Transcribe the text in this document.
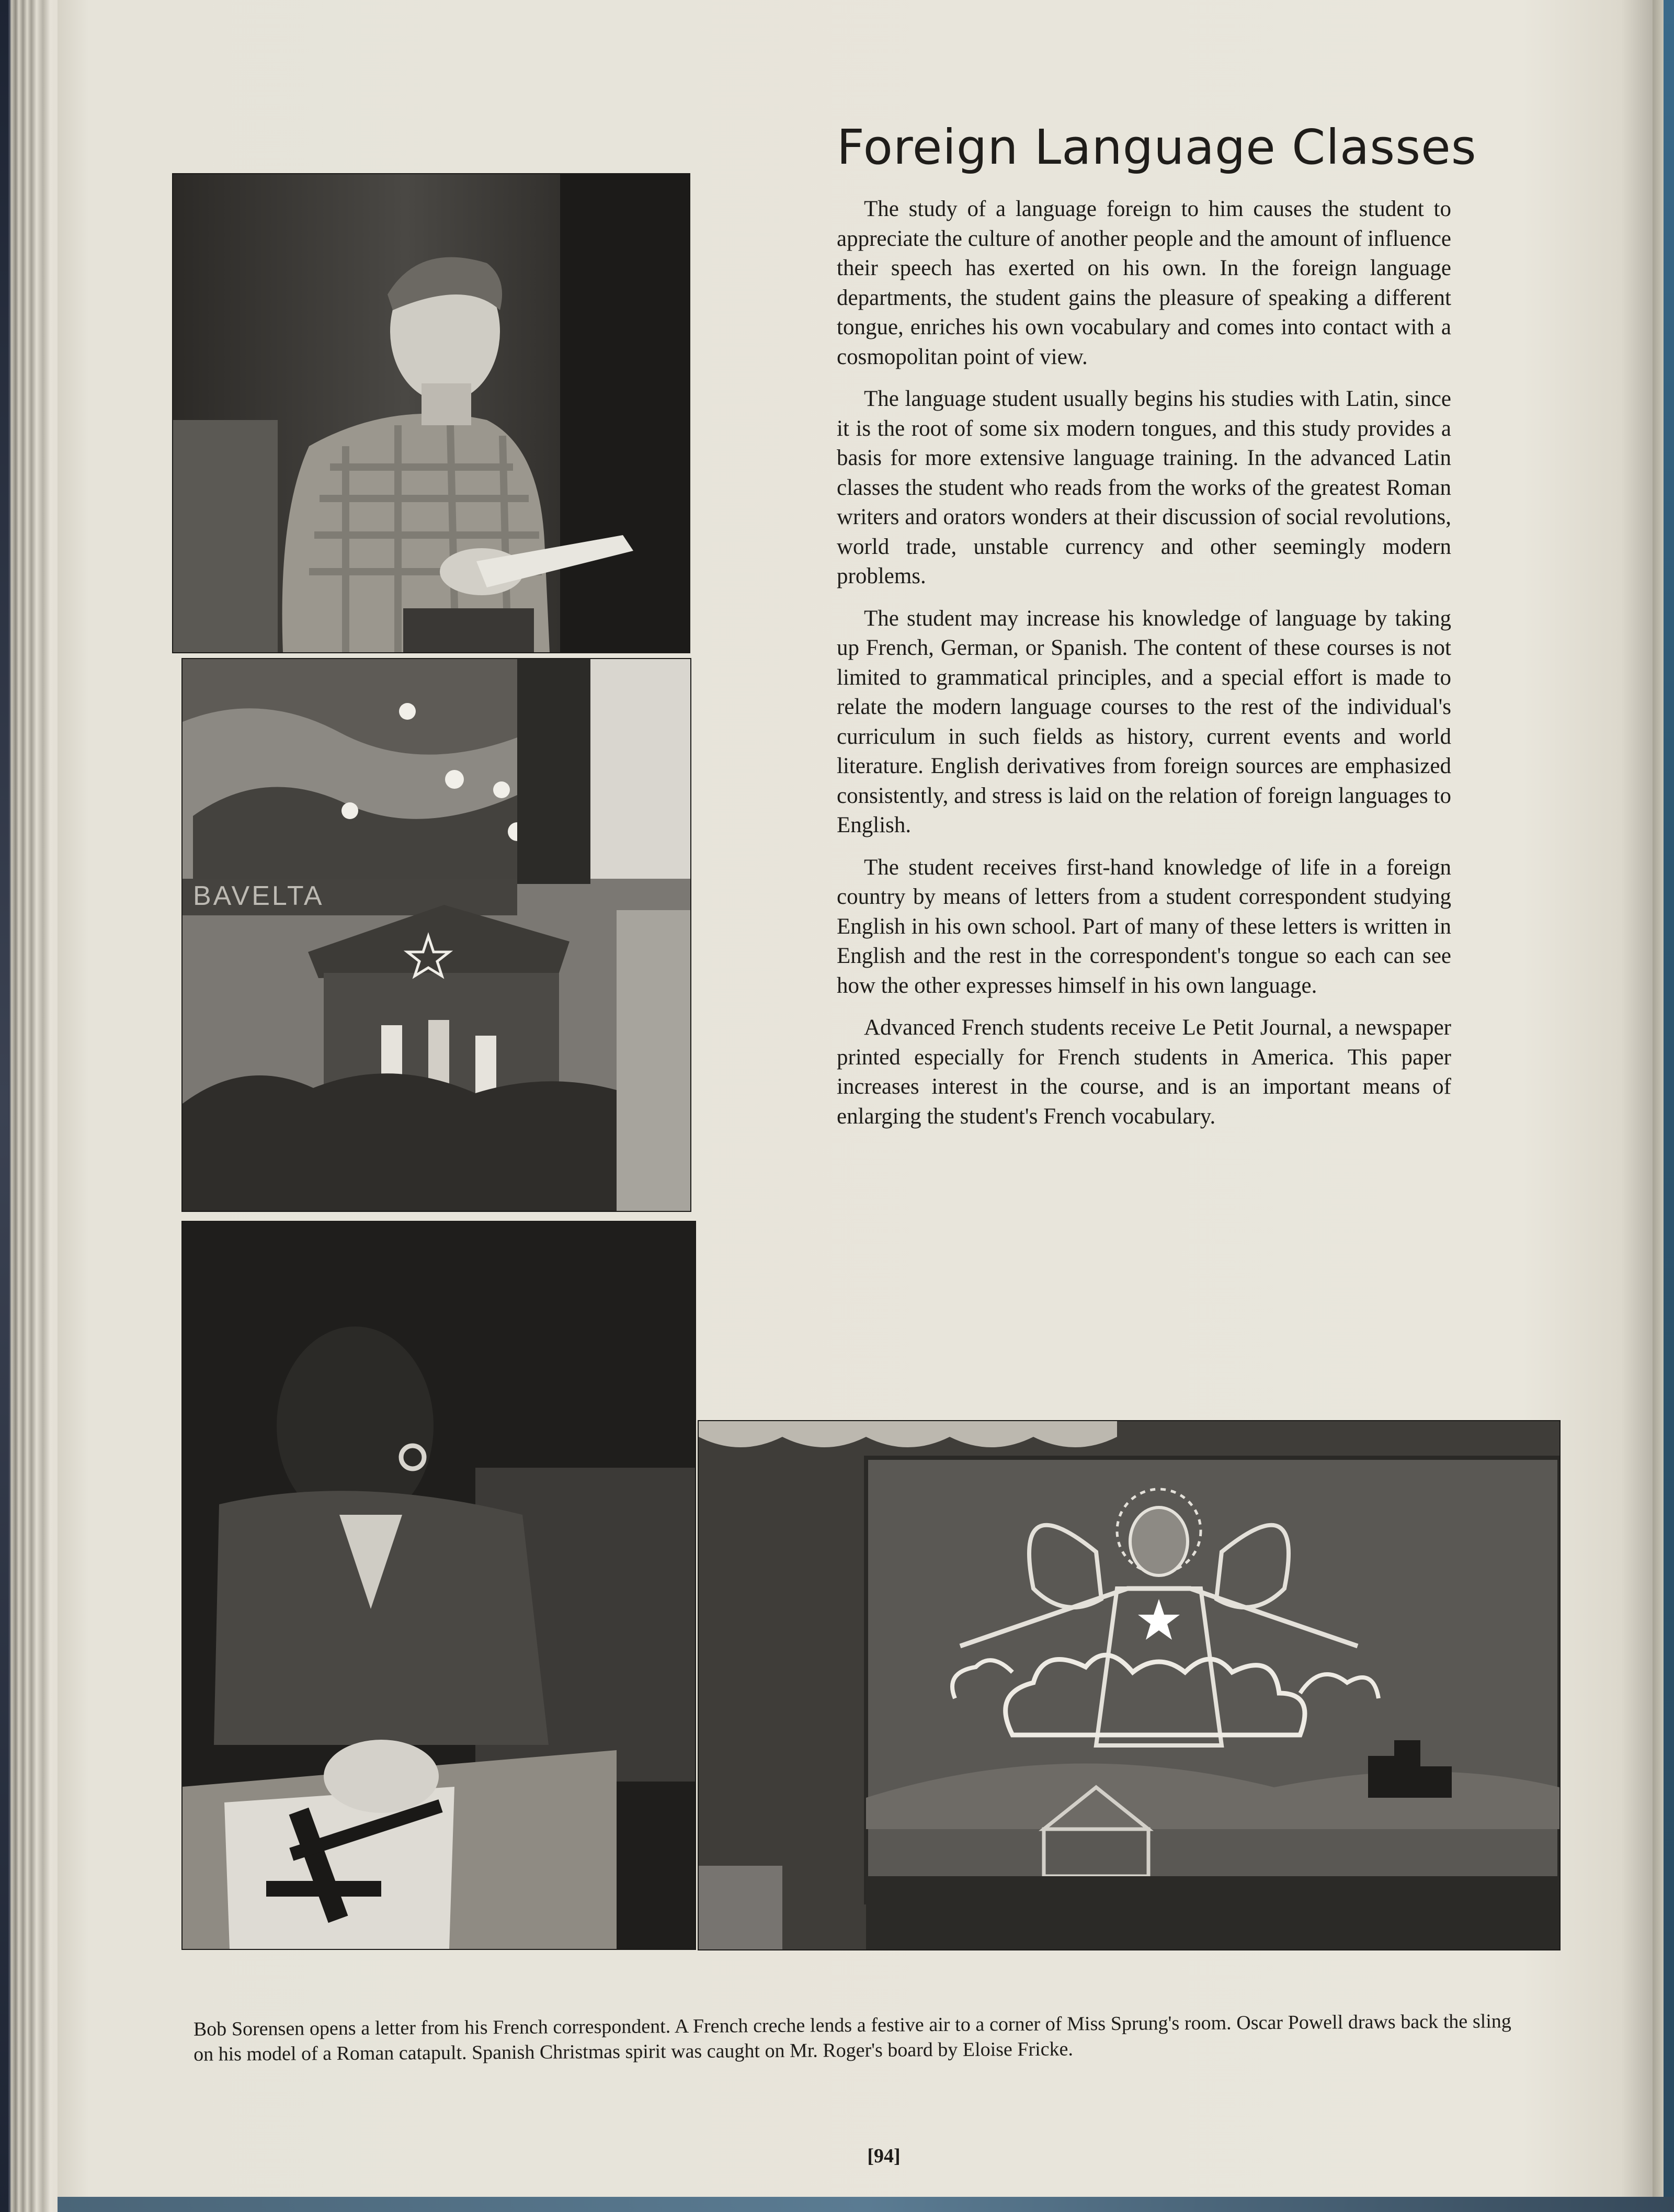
BAVELTA
Foreign Language Classes

The study of a language foreign to him causes the student to appreciate the culture of another people and the amount of influence their speech has exerted on his own. In the foreign language departments, the student gains the pleasure of speaking a different tongue, enriches his own vocabulary and comes into contact with a cosmopolitan point of view.

The language student usually begins his studies with Latin, since it is the root of some six modern tongues, and this study provides a basis for more extensive language training. In the advanced Latin classes the student who reads from the works of the greatest Roman writers and orators wonders at their discussion of social revolutions, world trade, unstable currency and other seemingly modern problems.

The student may increase his knowledge of language by taking up French, German, or Spanish. The content of these courses is not limited to grammatical principles, and a special effort is made to relate the modern language courses to the rest of the individual's curriculum in such fields as history, current events and world literature. English derivatives from foreign sources are emphasized consistently, and stress is laid on the relation of foreign languages to English.

The student receives first-hand knowledge of life in a foreign country by means of letters from a student correspondent studying English in his own school. Part of many of these letters is written in English and the rest in the correspondent's tongue so each can see how the other expresses himself in his own language.

Advanced French students receive Le Petit Journal, a newspaper printed especially for French students in America. This paper increases interest in the course, and is an important means of enlarging the student's French vocabulary.

Bob Sorensen opens a letter from his French correspondent. A French creche lends a festive air to a corner of Miss Sprung's room. Oscar Powell draws back the sling on his model of a Roman catapult. Spanish Christmas spirit was caught on Mr. Roger's board by Eloise Fricke.
[94]
